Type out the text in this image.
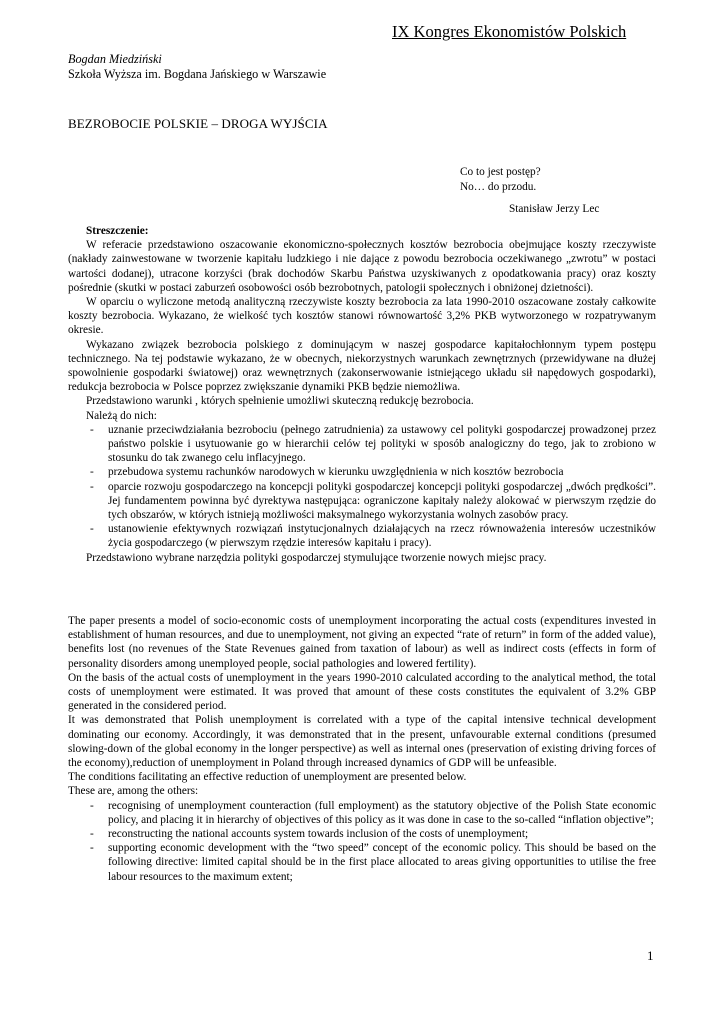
IX Kongres Ekonomistów Polskich
Bogdan Miedziński
Szkoła Wyższa im. Bogdana Jańskiego w Warszawie
BEZROBOCIE POLSKIE – DROGA WYJŚCIA
Co to jest postęp?
No… do przodu.
Stanisław Jerzy Lec

Streszczenie:

W referacie przedstawiono oszacowanie ekonomiczno-społecznych kosztów bezrobocia obejmujące koszty rzeczywiste (nakłady zainwestowane w tworzenie kapitału ludzkiego i nie dające z powodu bezrobocia oczekiwanego „zwrotu” w postaci wartości dodanej), utracone korzyści (brak dochodów Skarbu Państwa uzyskiwanych z opodatkowania pracy) oraz koszty pośrednie (skutki w postaci zaburzeń osobowości osób bezrobotnych, patologii społecznych i obniżonej dzietności).

W oparciu o wyliczone metodą analityczną rzeczywiste koszty bezrobocia za lata 1990-2010 oszacowane zostały całkowite koszty bezrobocia. Wykazano, że wielkość tych kosztów stanowi równowartość 3,2% PKB wytworzonego w rozpatrywanym okresie.

Wykazano związek bezrobocia polskiego z dominującym w naszej gospodarce kapitałochłonnym typem postępu technicznego. Na tej podstawie wykazano, że w obecnych, niekorzystnych warunkach zewnętrznych (przewidywane na dłużej spowolnienie gospodarki światowej) oraz wewnętrznych (zakonserwowanie istniejącego układu sił napędowych gospodarki), redukcja bezrobocia w Polsce poprzez zwiększanie dynamiki PKB będzie niemożliwa.

Przedstawiono warunki , których spełnienie umożliwi skuteczną redukcję bezrobocia.

Należą do nich:

- uznanie przeciwdziałania bezrobociu (pełnego zatrudnienia) za ustawowy cel polityki gospodarczej prowadzonej przez państwo polskie i usytuowanie go w hierarchii celów tej polityki w sposób analogiczny do tego, jak to zrobiono w stosunku do tak zwanego celu inflacyjnego.
- przebudowa systemu rachunków narodowych w kierunku uwzględnienia w nich kosztów bezrobocia
- oparcie rozwoju gospodarczego na koncepcji polityki gospodarczej koncepcji polityki gospodarczej „dwóch prędkości”. Jej fundamentem powinna być dyrektywa następująca: ograniczone kapitały należy alokować w pierwszym rzędzie do tych obszarów, w których istnieją możliwości maksymalnego wykorzystania wolnych zasobów pracy.
- ustanowienie efektywnych rozwiązań instytucjonalnych działających na rzecz równoważenia interesów uczestników życia gospodarczego (w pierwszym rzędzie interesów kapitału i pracy).

Przedstawiono wybrane narzędzia polityki gospodarczej stymulujące tworzenie nowych miejsc pracy.

The paper presents a model of socio-economic costs of unemployment incorporating the actual costs (expenditures invested in establishment of human resources, and due to unemployment, not giving an expected “rate of return” in form of the added value), benefits lost (no revenues of the State Revenues gained from taxation of labour) as well as indirect costs (effects in form of personality disorders among unemployed people, social pathologies and lowered fertility).

On the basis of the actual costs of unemployment in the years 1990-2010 calculated according to the analytical method, the total costs of unemployment were estimated. It was proved that amount of these costs constitutes the equivalent of 3.2% GBP generated in the considered period.

It was demonstrated that Polish unemployment is correlated with a type of the capital intensive technical development dominating our economy. Accordingly, it was demonstrated that in the present, unfavourable external conditions (presumed slowing-down of the global economy in the longer perspective) as well as internal ones (preservation of existing driving forces of the economy),reduction of unemployment in Poland through increased dynamics of GDP will be unfeasible.

The conditions facilitating an effective reduction of unemployment are presented below.

These are, among the others:

- recognising of unemployment counteraction (full employment) as the statutory objective of the Polish State economic policy, and placing it in hierarchy of objectives of this policy as it was done in case to the so-called “inflation objective”;
- reconstructing the national accounts system towards inclusion of the costs of unemployment;
- supporting economic development with the “two speed” concept of the economic policy. This should be based on the following directive: limited capital should be in the first place allocated to areas giving opportunities to utilise the free labour resources to the maximum extent;
1
